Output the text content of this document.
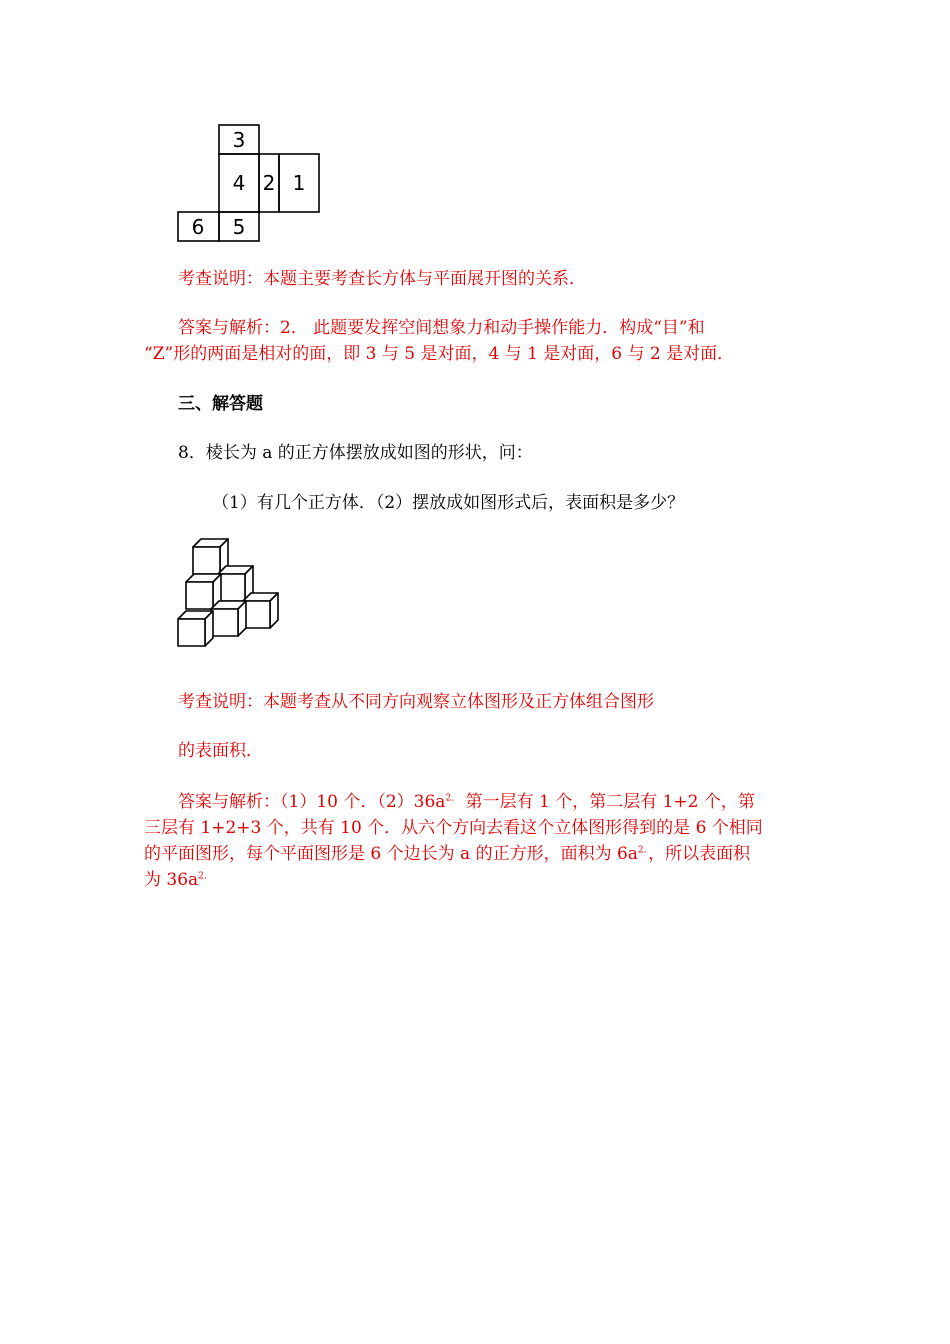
3
4 2 1
6 5
考查说明：本题主要考查长方体与平面展开图的关系．
答案与解析：2． 此题要发挥空间想象力和动手操作能力．构成“目”和
“Z”形的两面是相对的面，即 3 与 5 是对面，4 与 1 是对面，6 与 2 是对面．
三、解答题
8．棱长为 a 的正方体摆放成如图的形状，问：
（1）有几个正方体．（2）摆放成如图形式后，表面积是多少？
考查说明：本题考查从不同方向观察立体图形及正方体组合图形
的表面积．
答案与解析：（1）10 个．$(2)36a^{2.}$ 第一层有 1 个，第二层有 1+2 个，第
三层有 1+2+3 个，共有 10 个．从六个方向去看这个立体图形得到的是 6 个相同
的平面图形，每个平面图形是 6 个边长为 a 的正方形，面积为 $6a^{2.}$，所以表面积
为 $36a^{2.}$
